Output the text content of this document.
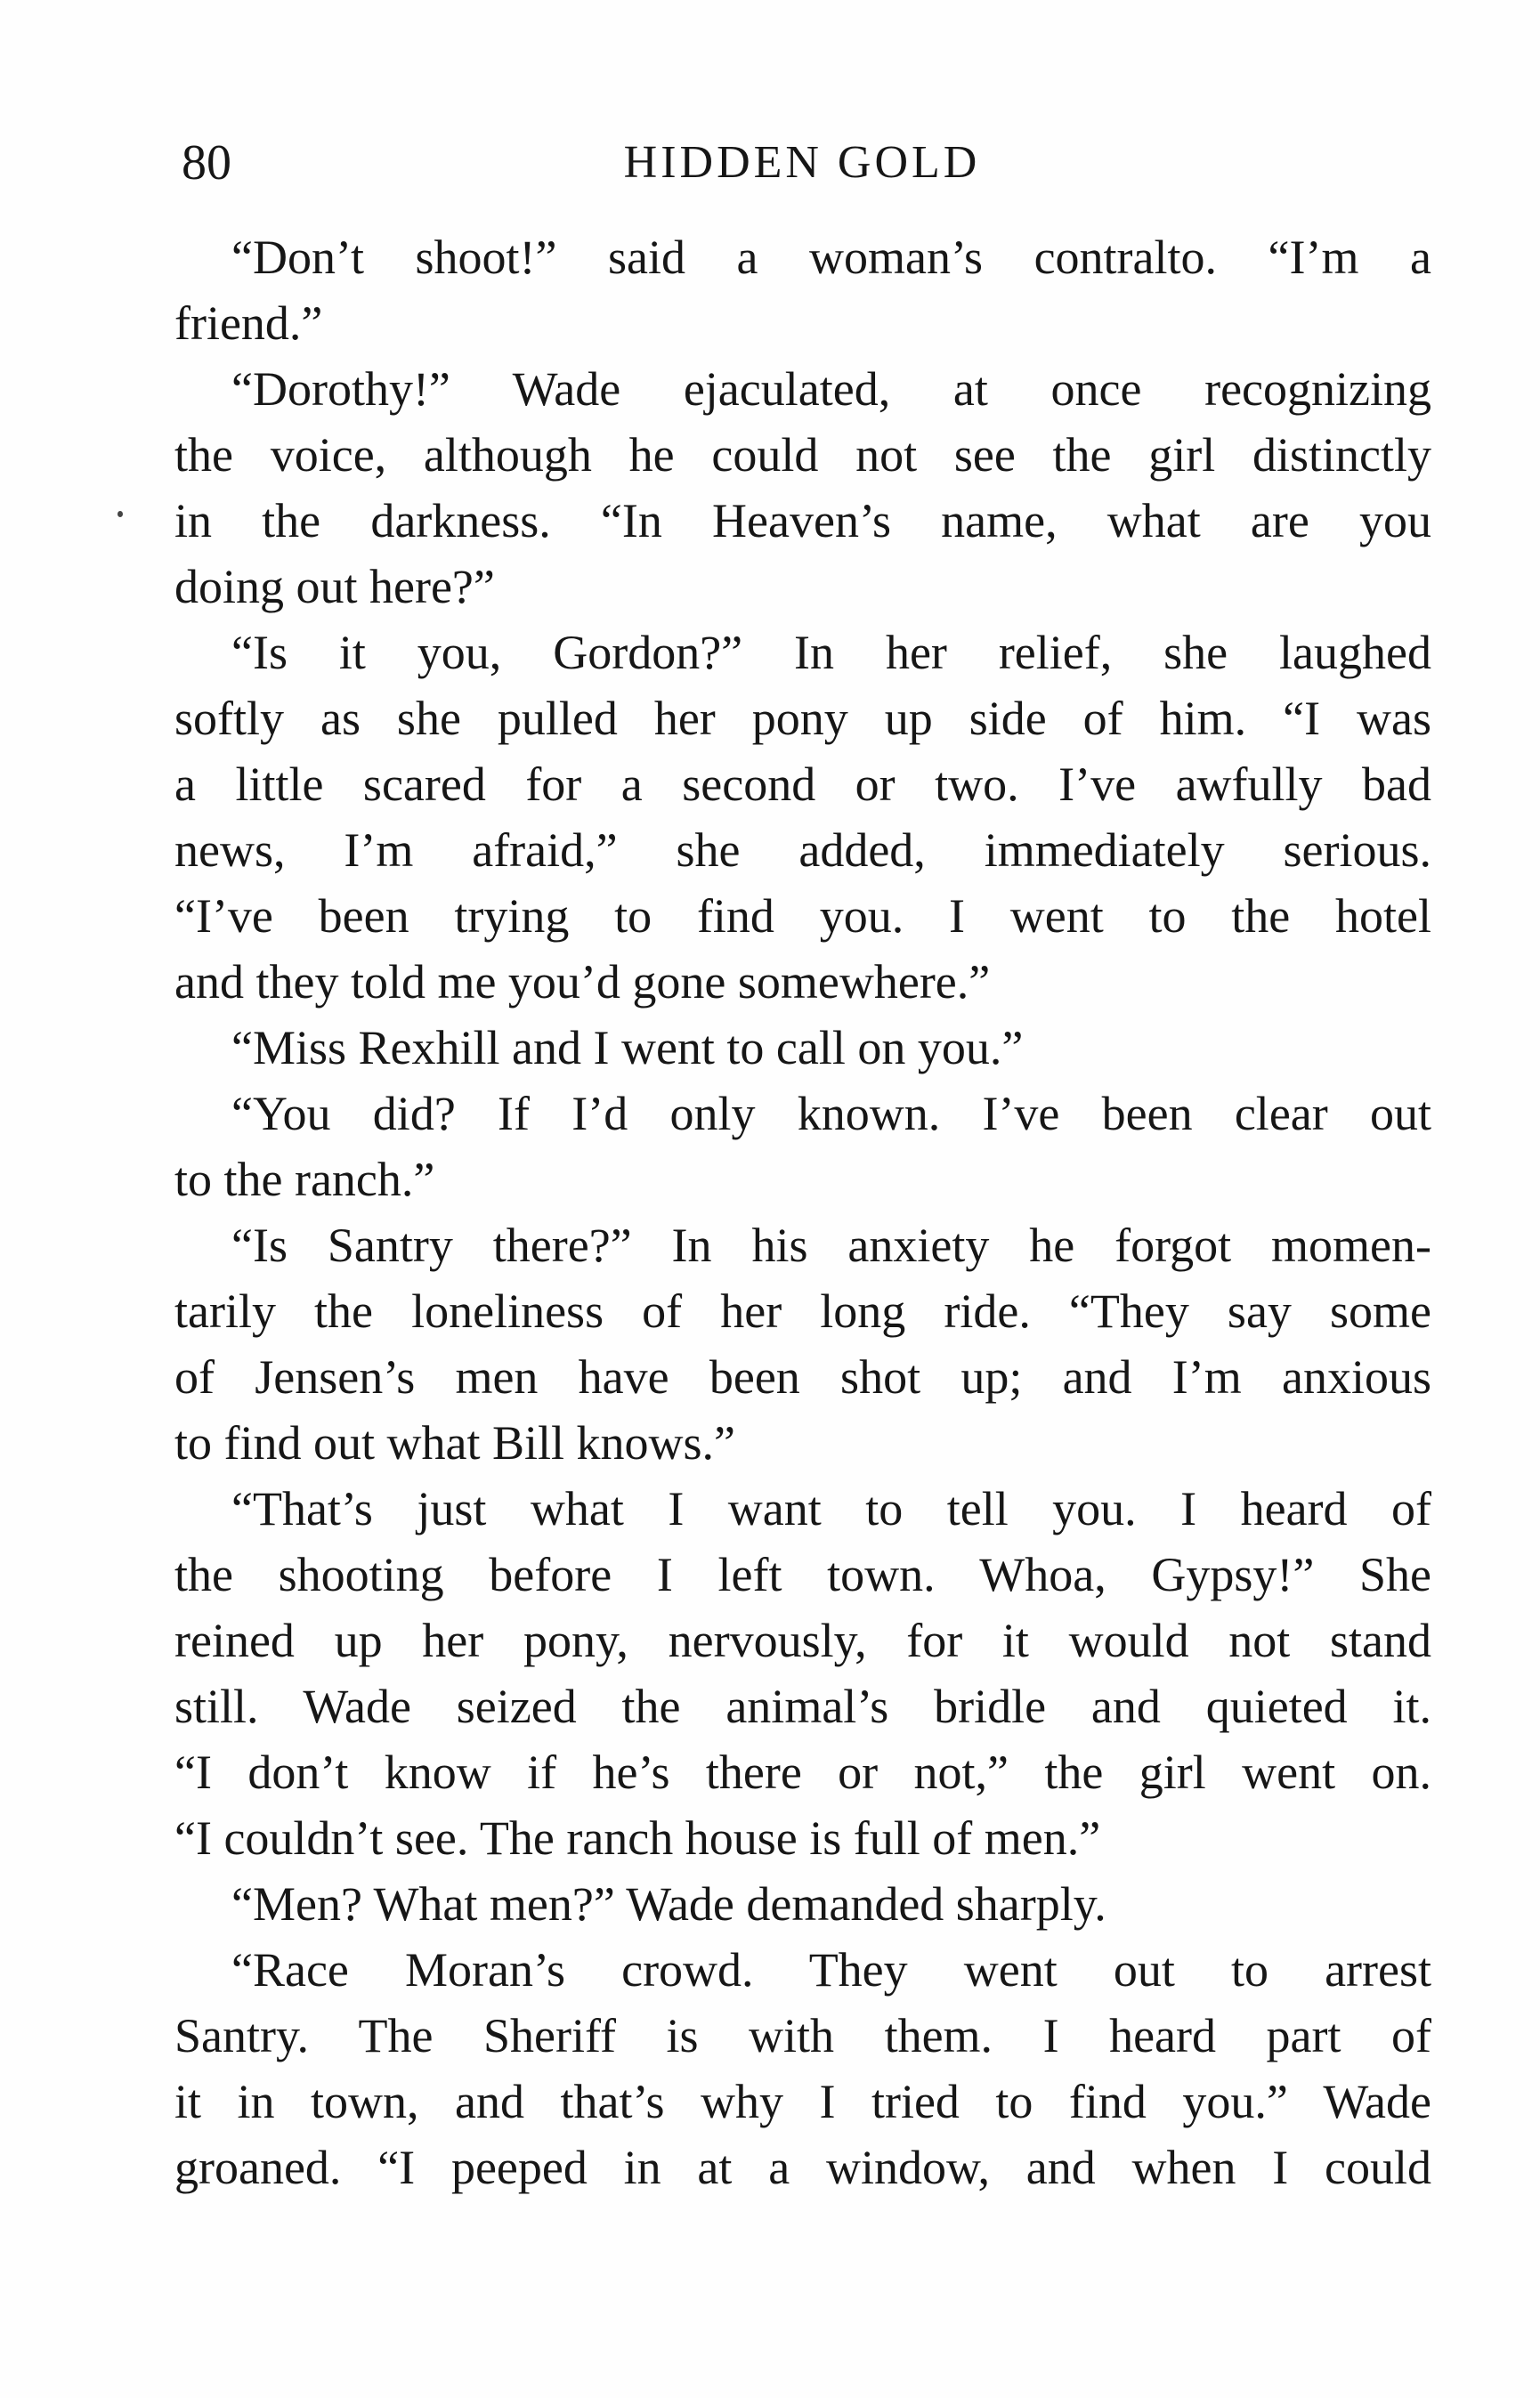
80	HIDDEN GOLD
“Don’t shoot!” said a woman’s contralto. “I’m a
friend.”
“Dorothy!” Wade ejaculated, at once recognizing
the voice, although he could not see the girl distinctly
in the darkness. “In Heaven’s name, what are you
doing out here?”
“Is it you, Gordon?” In her relief, she laughed
softly as she pulled her pony up side of him. “I was
a little scared for a second or two. I’ve awfully bad
news, I’m afraid,” she added, immediately serious.
“I’ve been trying to find you. I went to the hotel
and they told me you’d gone somewhere.”
“Miss Rexhill and I went to call on you.”
“You did? If I’d only known. I’ve been clear out
to the ranch.”
“Is Santry there?” In his anxiety he forgot momen-
tarily the loneliness of her long ride. “They say some
of Jensen’s men have been shot up; and I’m anxious
to find out what Bill knows.”
“That’s just what I want to tell you. I heard of
the shooting before I left town. Whoa, Gypsy!” She
reined up her pony, nervously, for it would not stand
still. Wade seized the animal’s bridle and quieted it.
“I don’t know if he’s there or not,” the girl went on.
“I couldn’t see. The ranch house is full of men.”
“Men? What men?” Wade demanded sharply.
“Race Moran’s crowd. They went out to arrest
Santry. The Sheriff is with them. I heard part of
it in town, and that’s why I tried to find you.” Wade
groaned. “I peeped in at a window, and when I could
